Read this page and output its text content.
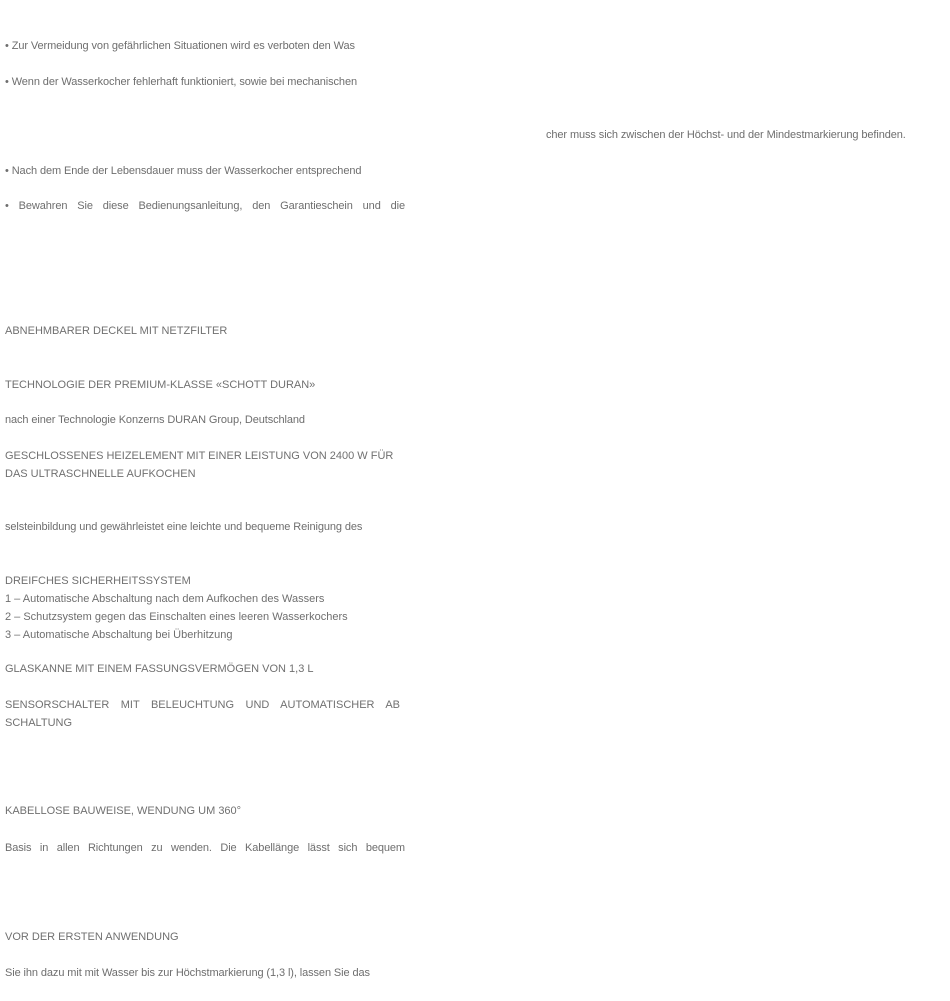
• Zur Vermeidung von gefährlichen Situationen wird es verboten den Was
• Wenn der Wasserkocher fehlerhaft funktioniert, sowie bei mechanischen
cher muss sich zwischen der Höchst- und der Mindestmarkierung befinden.
• Nach dem Ende der Lebensdauer muss der Wasserkocher entsprechend
• Bewahren Sie diese Bedienungsanleitung, den Garantieschein und die
ABNEHMBARER DECKEL MIT NETZFILTER
TECHNOLOGIE DER PREMIUM-KLASSE «SCHOTT DURAN»
nach einer Technologie Konzerns DURAN Group, Deutschland
GESCHLOSSENES HEIZELEMENT MIT EINER LEISTUNG VON 2400 W FÜR
DAS ULTRASCHNELLE AUFKOCHEN
selsteinbildung und gewährleistet eine leichte und bequeme Reinigung des
DREIFCHES SICHERHEITSSYSTEM
1 – Automatische Abschaltung nach dem Aufkochen des Wassers
2 – Schutzsystem gegen das Einschalten eines leeren Wasserkochers
3 – Automatische Abschaltung bei Überhitzung
GLASKANNE MIT EINEM FASSUNGSVERMÖGEN VON 1,3 L
SENSORSCHALTER MIT BELEUCHTUNG UND AUTOMATISCHER AB
SCHALTUNG
KABELLOSE BAUWEISE, WENDUNG UM 360°
Basis in allen Richtungen zu wenden. Die Kabellänge lässt sich bequem
VOR DER ERSTEN ANWENDUNG
Sie ihn dazu mit mit Wasser bis zur Höchstmarkierung (1,3 l), lassen Sie das
